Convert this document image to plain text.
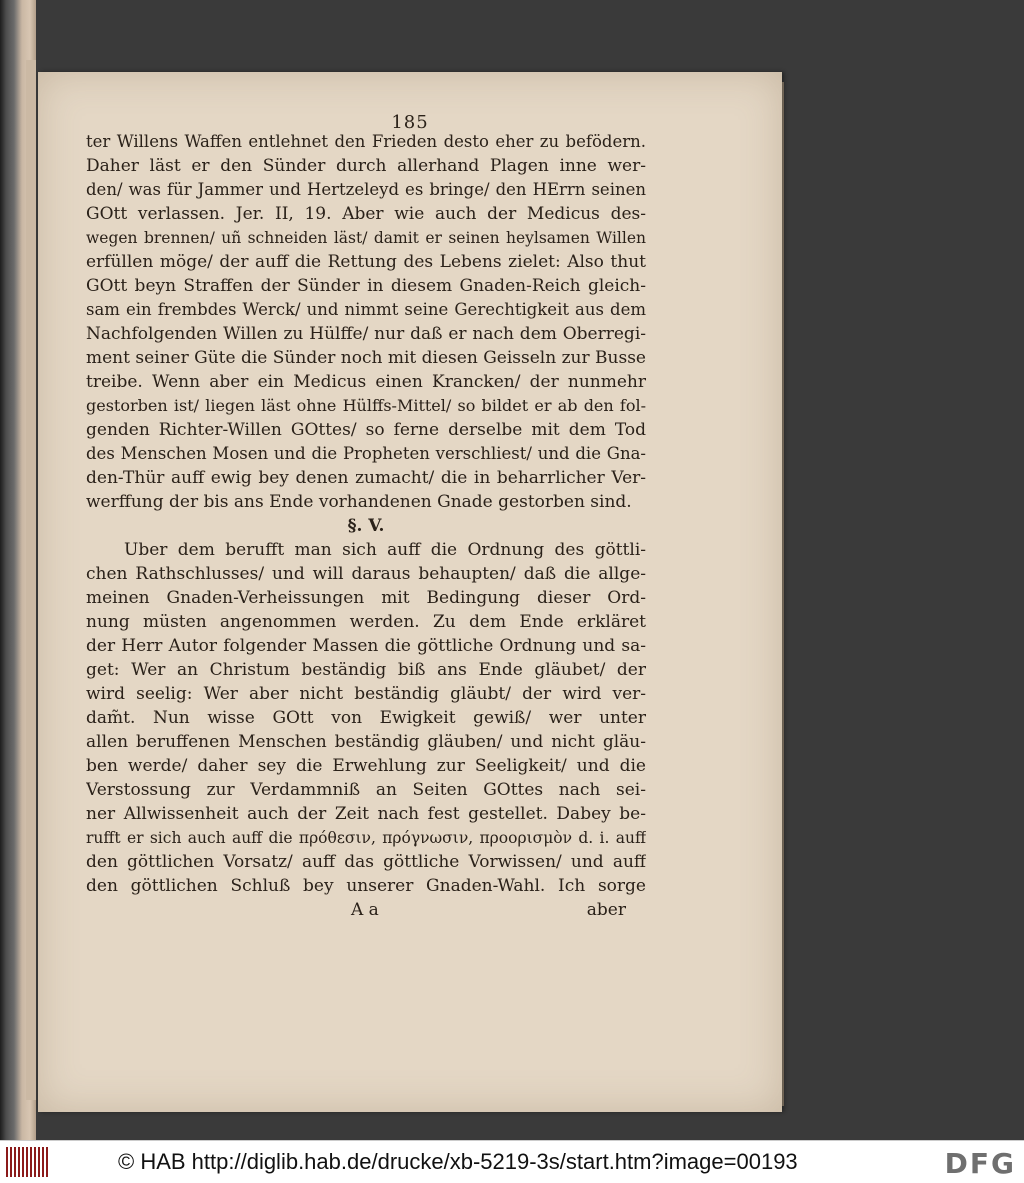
185
ter Willens Waffen entlehnet den Frieden desto eher zu befödern.
Daher läst er den Sünder durch allerhand Plagen inne wer-
den/ was für Jammer und Hertzeleyd es bringe/ den HErrn seinen
GOtt verlassen. Jer. II, 19. Aber wie auch der Medicus des-
wegen brennen/ uñ schneiden läst/ damit er seinen heylsamen Willen
erfüllen möge/ der auff die Rettung des Lebens zielet: Also thut
GOtt beyn Straffen der Sünder in diesem Gnaden-Reich gleich-
sam ein frembdes Werck/ und nimmt seine Gerechtigkeit aus dem
Nachfolgenden Willen zu Hülffe/ nur daß er nach dem Oberregi-
ment seiner Güte die Sünder noch mit diesen Geisseln zur Busse
treibe. Wenn aber ein Medicus einen Krancken/ der nunmehr
gestorben ist/ liegen läst ohne Hülffs-Mittel/ so bildet er ab den fol-
genden Richter-Willen GOttes/ so ferne derselbe mit dem Tod
des Menschen Mosen und die Propheten verschliest/ und die Gna-
den-Thür auff ewig bey denen zumacht/ die in beharrlicher Ver-
werffung der bis ans Ende vorhandenen Gnade gestorben sind.
§. V.
Uber dem berufft man sich auff die Ordnung des göttli-
chen Rathschlusses/ und will daraus behaupten/ daß die allge-
meinen Gnaden-Verheissungen mit Bedingung dieser Ord-
nung müsten angenommen werden. Zu dem Ende erkläret
der Herr Autor folgender Massen die göttliche Ordnung und sa-
get: Wer an Christum beständig biß ans Ende gläubet/ der
wird seelig: Wer aber nicht beständig gläubt/ der wird ver-
dam̃t. Nun wisse GOtt von Ewigkeit gewiß/ wer unter
allen beruffenen Menschen beständig gläuben/ und nicht gläu-
ben werde/ daher sey die Erwehlung zur Seeligkeit/ und die
Verstossung zur Verdammniß an Seiten GOttes nach sei-
ner Allwissenheit auch der Zeit nach fest gestellet. Dabey be-
rufft er sich auch auff die πρόθεσιν, πρόγνωσιν, προορισμὸν d. i. auff
den göttlichen Vorsatz/ auff das göttliche Vorwissen/ und auff
den göttlichen Schluß bey unserer Gnaden-Wahl. Ich sorge
A a	aber
© HAB http://diglib.hab.de/drucke/xb-5219-3s/start.htm?image=00193	DFG
